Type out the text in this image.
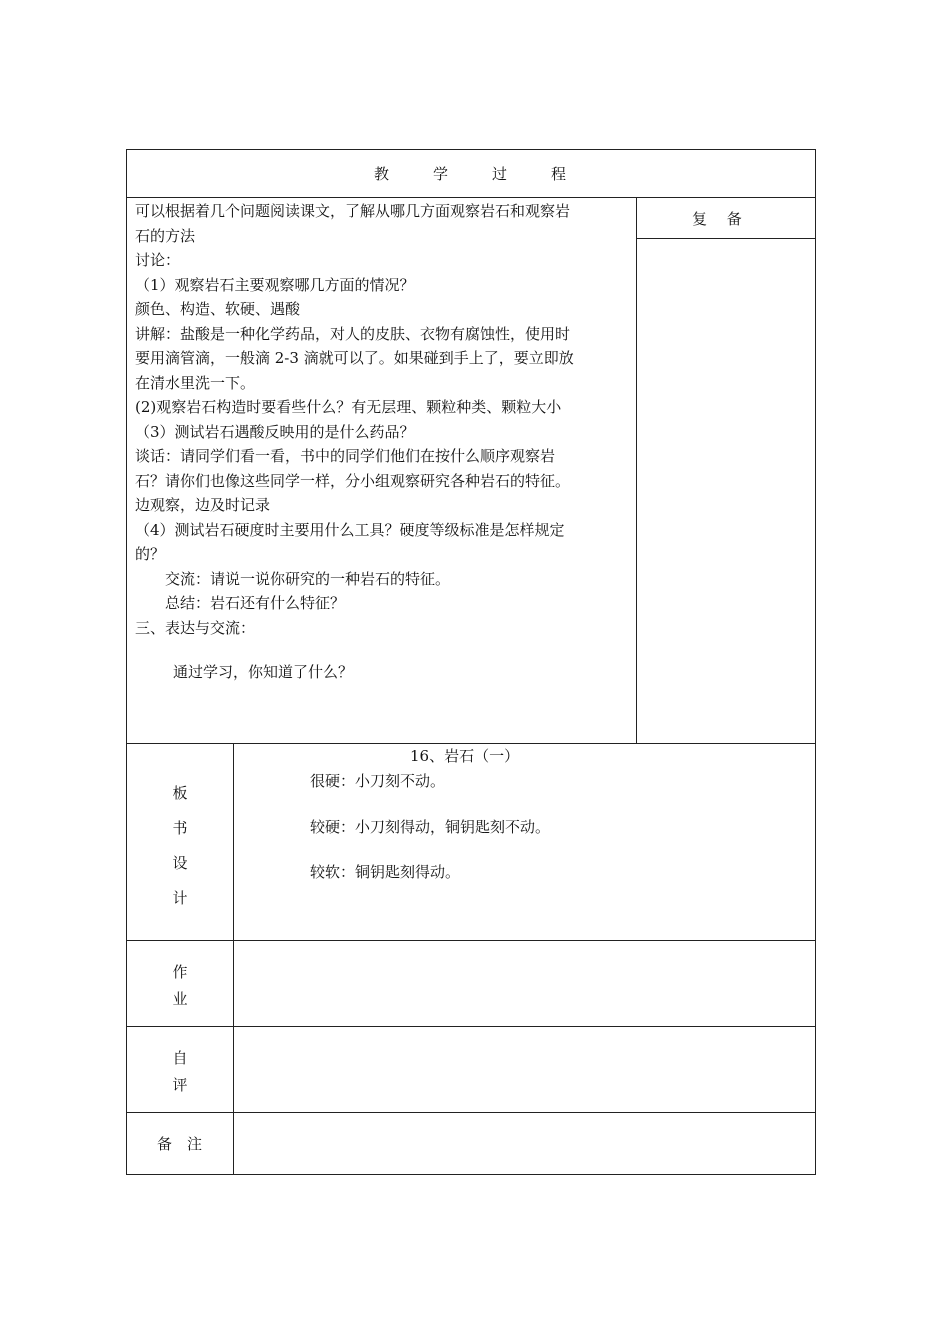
教	学	过	程
复　 备

可以根据着几个问题阅读课文，了解从哪几方面观察岩石和观察岩

石的方法

讨论：

（1）观察岩石主要观察哪几方面的情况？

颜色、构造、软硬、遇酸

讲解：盐酸是一种化学药品，对人的皮肤、衣物有腐蚀性，使用时

要用滴管滴，一般滴 2-3 滴就可以了。如果碰到手上了，要立即放

在清水里洗一下。

(2)观察岩石构造时要看些什么？有无层理、颗粒种类、颗粒大小

（3）测试岩石遇酸反映用的是什么药品？

谈话：请同学们看一看，书中的同学们他们在按什么顺序观察岩

石？请你们也像这些同学一样，分小组观察研究各种岩石的特征。

边观察，边及时记录

（4）测试岩石硬度时主要用什么工具？硬度等级标准是怎样规定

的？

　　交流：请说一说你研究的一种岩石的特征。

　　总结：岩石还有什么特征？

三、表达与交流：

通过学习，你知道了什么？
板
书
设
计
16、岩石（一）
很硬：小刀刻不动。
较硬：小刀刻得动，铜钥匙刻不动。
较软：铜钥匙刻得动。
作
业
自
评
备　注
